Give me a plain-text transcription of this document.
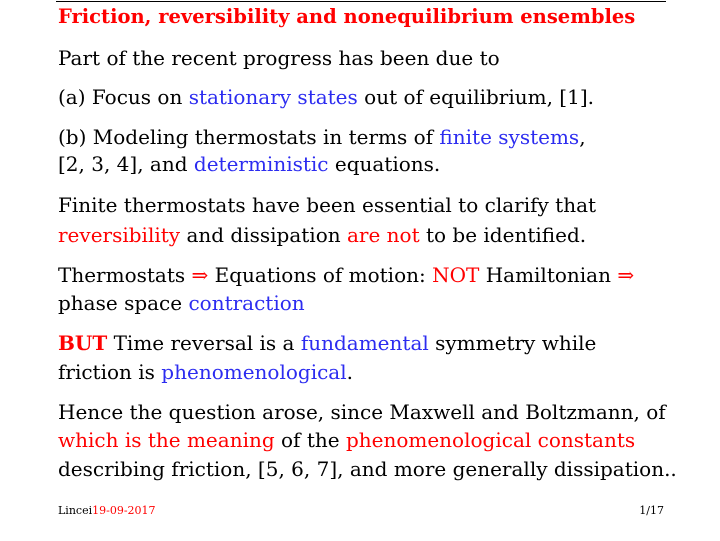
Friction, reversibility and nonequilibrium ensembles
Part of the recent progress has been due to
(a) Focus on stationary states out of equilibrium, [1].
(b) Modeling thermostats in terms of finite systems,
[2, 3, 4], and deterministic equations.
Finite thermostats have been essential to clarify that
reversibility and dissipation are not to be identified.
Thermostats ⇒ Equations of motion: NOT Hamiltonian ⇒
phase space contraction
BUT Time reversal is a fundamental symmetry while
friction is phenomenological.
Hence the question arose, since Maxwell and Boltzmann, of
which is the meaning of the phenomenological constants
describing friction, [5, 6, 7], and more generally dissipation..
Lincei19-09-2017	1/17
